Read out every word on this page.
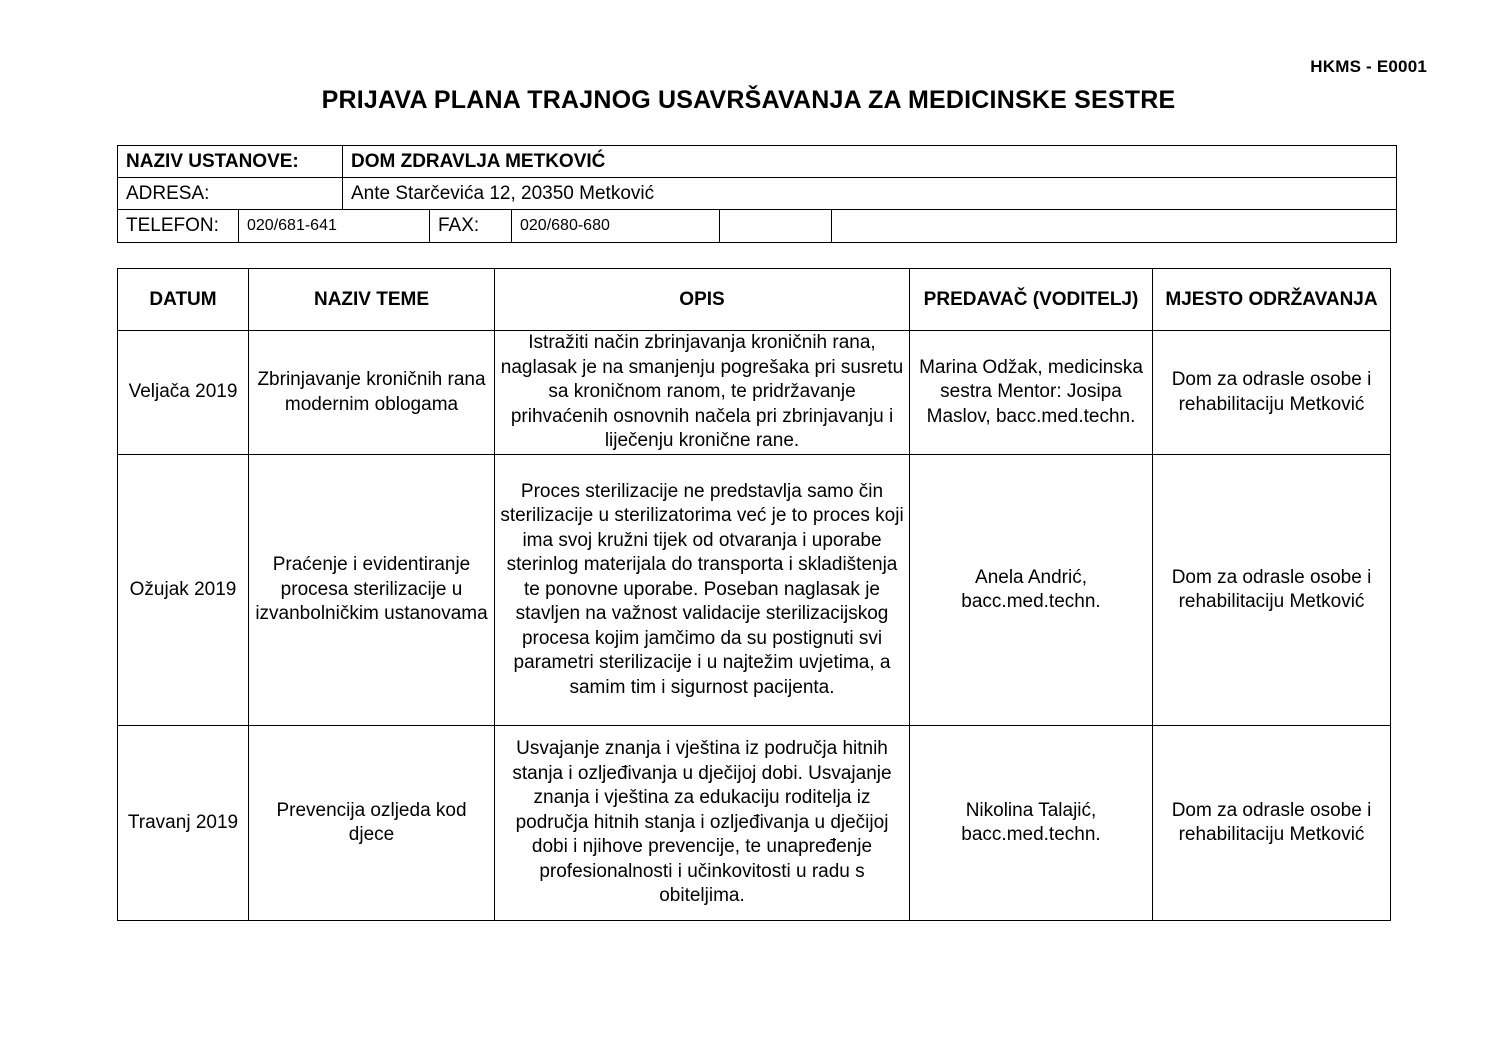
HKMS - E0001
PRIJAVA PLANA TRAJNOG USAVRŠAVANJA ZA MEDICINSKE SESTRE
NAZIV USTANOVE:	DOM ZDRAVLJA METKOVIĆ
ADRESA:	Ante Starčevića 12, 20350 Metković
TELEFON:	020/681-641	FAX:	020/680-680
DATUM	NAZIV TEME	OPIS	PREDAVAČ (VODITELJ)	MJESTO ODRŽAVANJA
Veljača 2019	Zbrinjavanje kroničnih rana modernim oblogama	Istražiti način zbrinjavanja kroničnih rana, naglasak je na smanjenju pogrešaka pri susretu sa kroničnom ranom, te pridržavanje prihvaćenih osnovnih načela pri zbrinjavanju i liječenju kronične rane.	Marina Odžak, medicinska sestra Mentor: Josipa Maslov, bacc.med.techn.	Dom za odrasle osobe i rehabilitaciju Metković
Ožujak 2019	Praćenje i evidentiranje procesa sterilizacije u izvanbolničkim ustanovama	Proces sterilizacije ne predstavlja samo čin sterilizacije u sterilizatorima već je to proces koji ima svoj kružni tijek od otvaranja i uporabe sterinlog materijala do transporta i skladištenja te ponovne uporabe. Poseban naglasak je stavljen na važnost validacije sterilizacijskog procesa kojim jamčimo da su postignuti svi parametri sterilizacije i u najtežim uvjetima, a samim tim i sigurnost pacijenta.	Anela Andrić, bacc.med.techn.	Dom za odrasle osobe i rehabilitaciju Metković
Travanj 2019	Prevencija ozljeda kod djece	Usvajanje znanja i vještina iz područja hitnih stanja i ozljeđivanja u dječijoj dobi. Usvajanje znanja i vještina za edukaciju roditelja iz područja hitnih stanja i ozljeđivanja u dječijoj dobi i njihove prevencije, te unapređenje profesionalnosti i učinkovitosti u radu s obiteljima.	Nikolina Talajić, bacc.med.techn.	Dom za odrasle osobe i rehabilitaciju Metković
